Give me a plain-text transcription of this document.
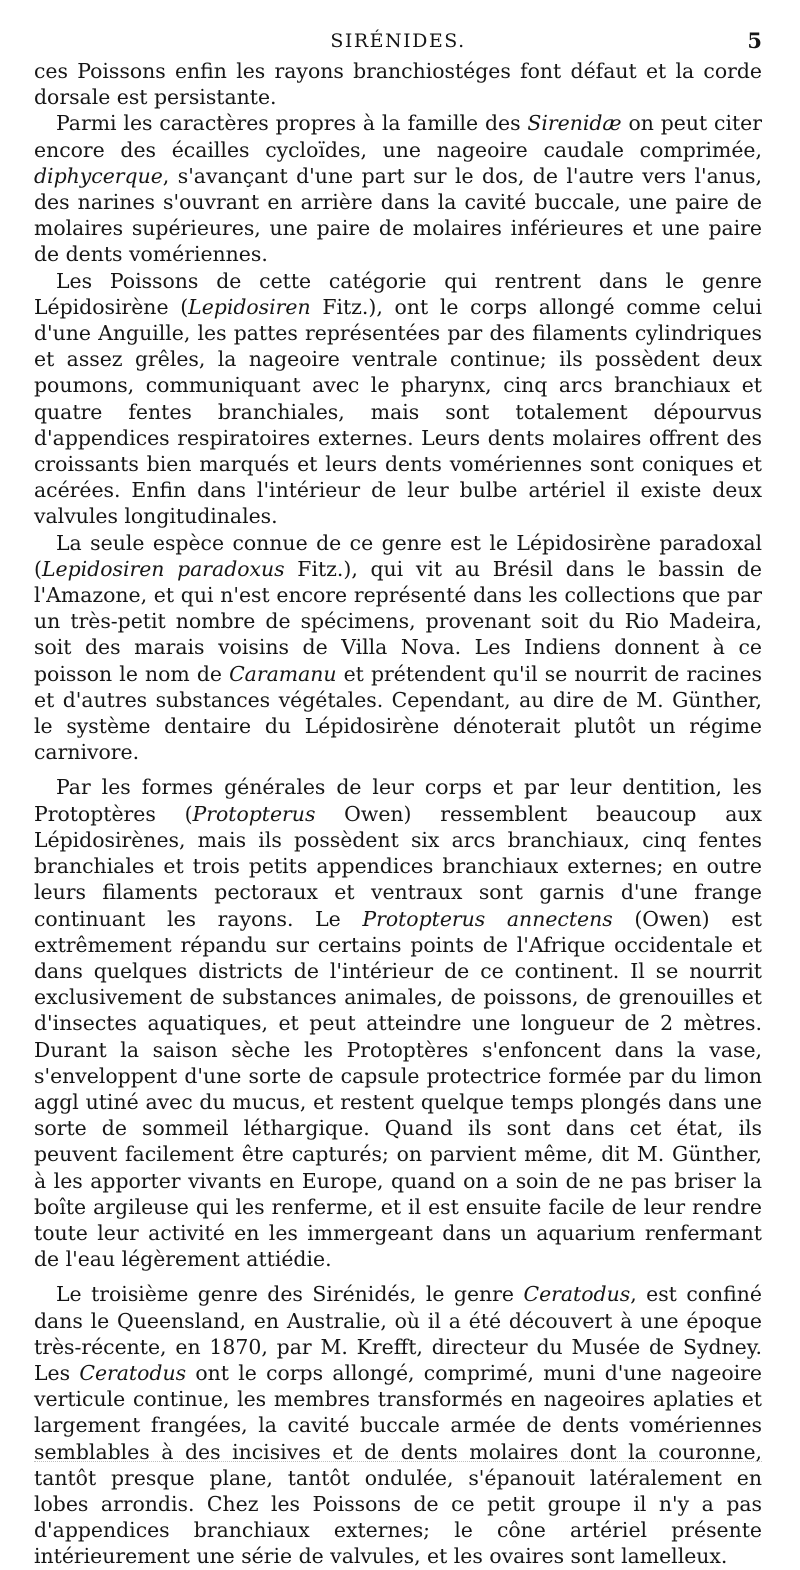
SIRÉNIDES.	5

ces Poissons enfin les rayons branchiostéges font défaut et la corde dorsale est persistante.

Parmi les caractères propres à la famille des Sirenidæ on peut citer encore des écailles cycloïdes, une nageoire caudale comprimée, diphycerque, s'avançant d'une part sur le dos, de l'autre vers l'anus, des narines s'ouvrant en arrière dans la cavité buccale, une paire de molaires supérieures, une paire de molaires inférieures et une paire de dents vomériennes.

Les Poissons de cette catégorie qui rentrent dans le genre Lépidosirène (Lepidosiren Fitz.), ont le corps allongé comme celui d'une Anguille, les pattes représentées par des filaments cylindriques et assez grêles, la nageoire ventrale continue; ils possèdent deux poumons, communiquant avec le pharynx, cinq arcs branchiaux et quatre fentes branchiales, mais sont totalement dépourvus d'appendices respiratoires externes. Leurs dents molaires offrent des croissants bien marqués et leurs dents vomériennes sont coniques et acérées. Enfin dans l'intérieur de leur bulbe artériel il existe deux valvules longitudinales.

La seule espèce connue de ce genre est le Lépidosirène paradoxal (Lepidosiren paradoxus Fitz.), qui vit au Brésil dans le bassin de l'Amazone, et qui n'est encore représenté dans les collections que par un très-petit nombre de spécimens, provenant soit du Rio Madeira, soit des marais voisins de Villa Nova. Les Indiens donnent à ce poisson le nom de Caramanu et prétendent qu'il se nourrit de racines et d'autres substances végétales. Cependant, au dire de M. Günther, le système dentaire du Lépidosirène dénoterait plutôt un régime carnivore.

Par les formes générales de leur corps et par leur dentition, les Protoptères (Protopterus Owen) ressemblent beaucoup aux Lépidosirènes, mais ils possèdent six arcs branchiaux, cinq fentes branchiales et trois petits appendices branchiaux externes; en outre leurs filaments pectoraux et ventraux sont garnis d'une frange continuant les rayons. Le Protopterus annectens (Owen) est extrêmement répandu sur certains points de l'Afrique occidentale et dans quelques districts de l'intérieur de ce continent. Il se nourrit exclusivement de substances animales, de poissons, de grenouilles et d'insectes aquatiques, et peut atteindre une longueur de 2 mètres. Durant la saison sèche les Protoptères s'enfoncent dans la vase, s'enveloppent d'une sorte de capsule protectrice formée par du limon aggl utiné avec du mucus, et restent quelque temps plongés dans une sorte de sommeil léthargique. Quand ils sont dans cet état, ils peuvent facilement être capturés; on parvient même, dit M. Günther, à les apporter vivants en Europe, quand on a soin de ne pas briser la boîte argileuse qui les renferme, et il est ensuite facile de leur rendre toute leur activité en les immergeant dans un aquarium renfermant de l'eau légèrement attiédie.

Le troisième genre des Sirénidés, le genre Ceratodus, est confiné dans le Queensland, en Australie, où il a été découvert à une époque très-récente, en 1870, par M. Krefft, directeur du Musée de Sydney. Les Ceratodus ont le corps allongé, comprimé, muni d'une nageoire verticule continue, les membres transformés en nageoires aplaties et largement frangées, la cavité buccale armée de dents vomériennes semblables à des incisives et de dents molaires dont la couronne, tantôt presque plane, tantôt ondulée, s'épanouit latéralement en lobes arrondis. Chez les Poissons de ce petit groupe il n'y a pas d'appendices branchiaux externes; le cône artériel présente intérieurement une série de valvules, et les ovaires sont lamelleux.
